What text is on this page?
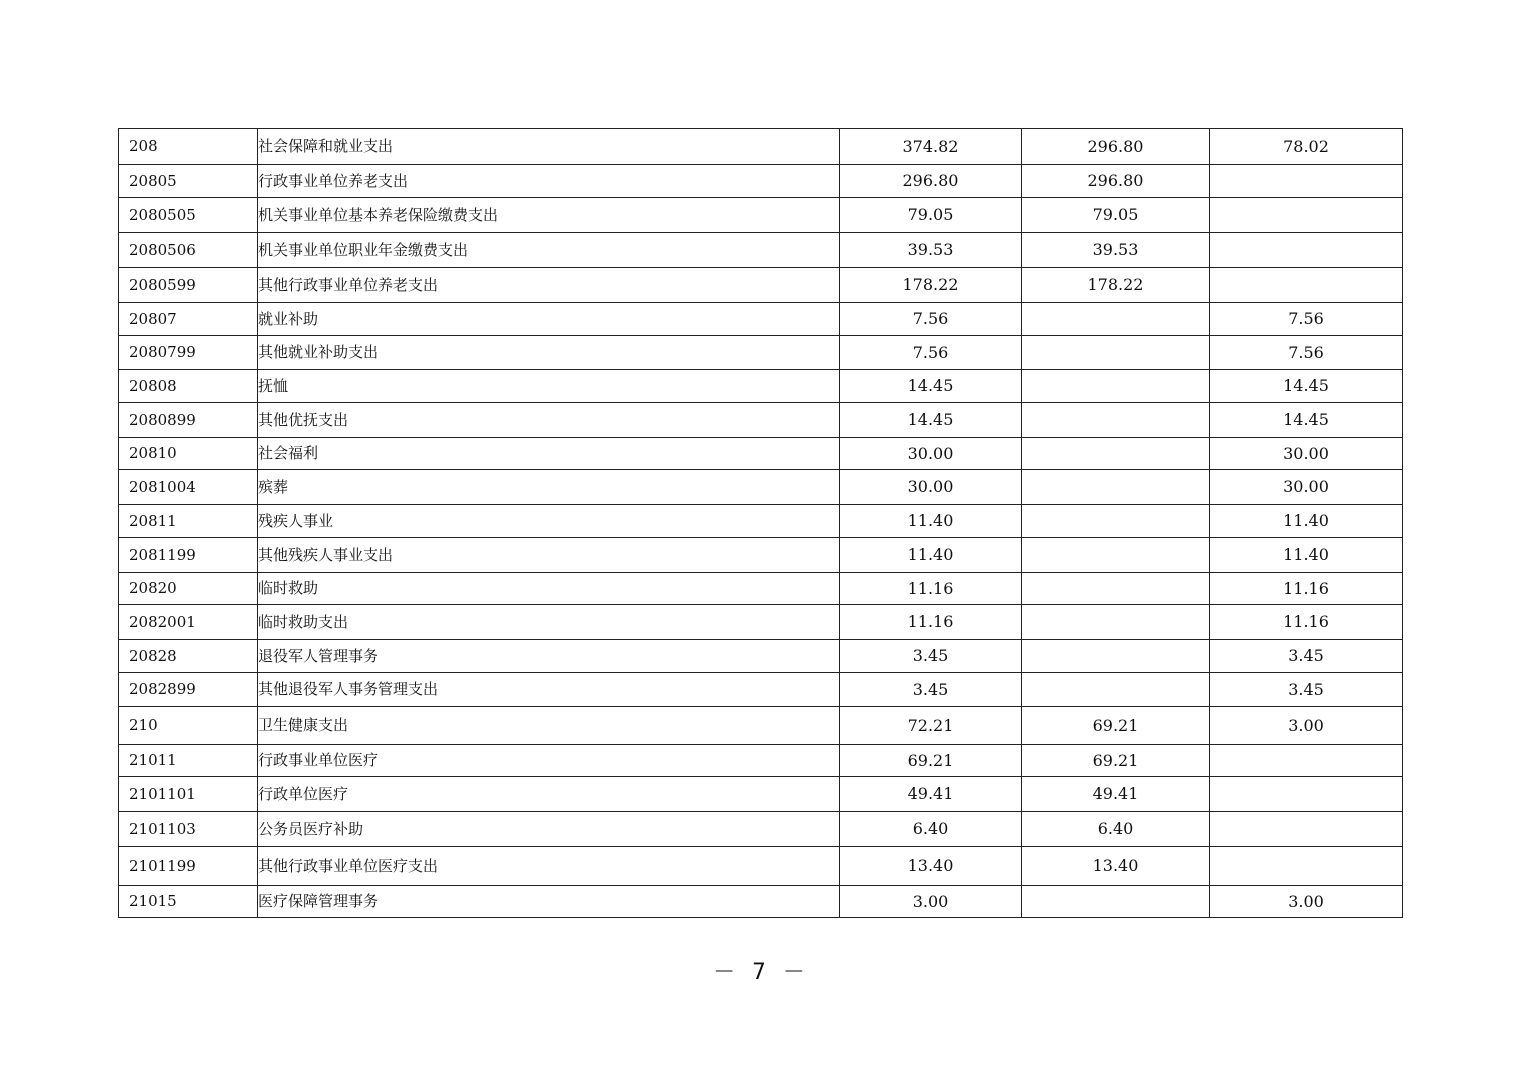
208	社会保障和就业支出	374.82	296.80	78.02
20805	行政事业单位养老支出	296.80	296.80	
2080505	机关事业单位基本养老保险缴费支出	79.05	79.05	
2080506	机关事业单位职业年金缴费支出	39.53	39.53	
2080599	其他行政事业单位养老支出	178.22	178.22	
20807	就业补助	7.56		7.56
2080799	其他就业补助支出	7.56		7.56
20808	抚恤	14.45		14.45
2080899	其他优抚支出	14.45		14.45
20810	社会福利	30.00		30.00
2081004	殡葬	30.00		30.00
20811	残疾人事业	11.40		11.40
2081199	其他残疾人事业支出	11.40		11.40
20820	临时救助	11.16		11.16
2082001	临时救助支出	11.16		11.16
20828	退役军人管理事务	3.45		3.45
2082899	其他退役军人事务管理支出	3.45		3.45
210	卫生健康支出	72.21	69.21	3.00
21011	行政事业单位医疗	69.21	69.21	
2101101	行政单位医疗	49.41	49.41	
2101103	公务员医疗补助	6.40	6.40	
2101199	其他行政事业单位医疗支出	13.40	13.40	
21015	医疗保障管理事务	3.00		3.00
－ 7 －
